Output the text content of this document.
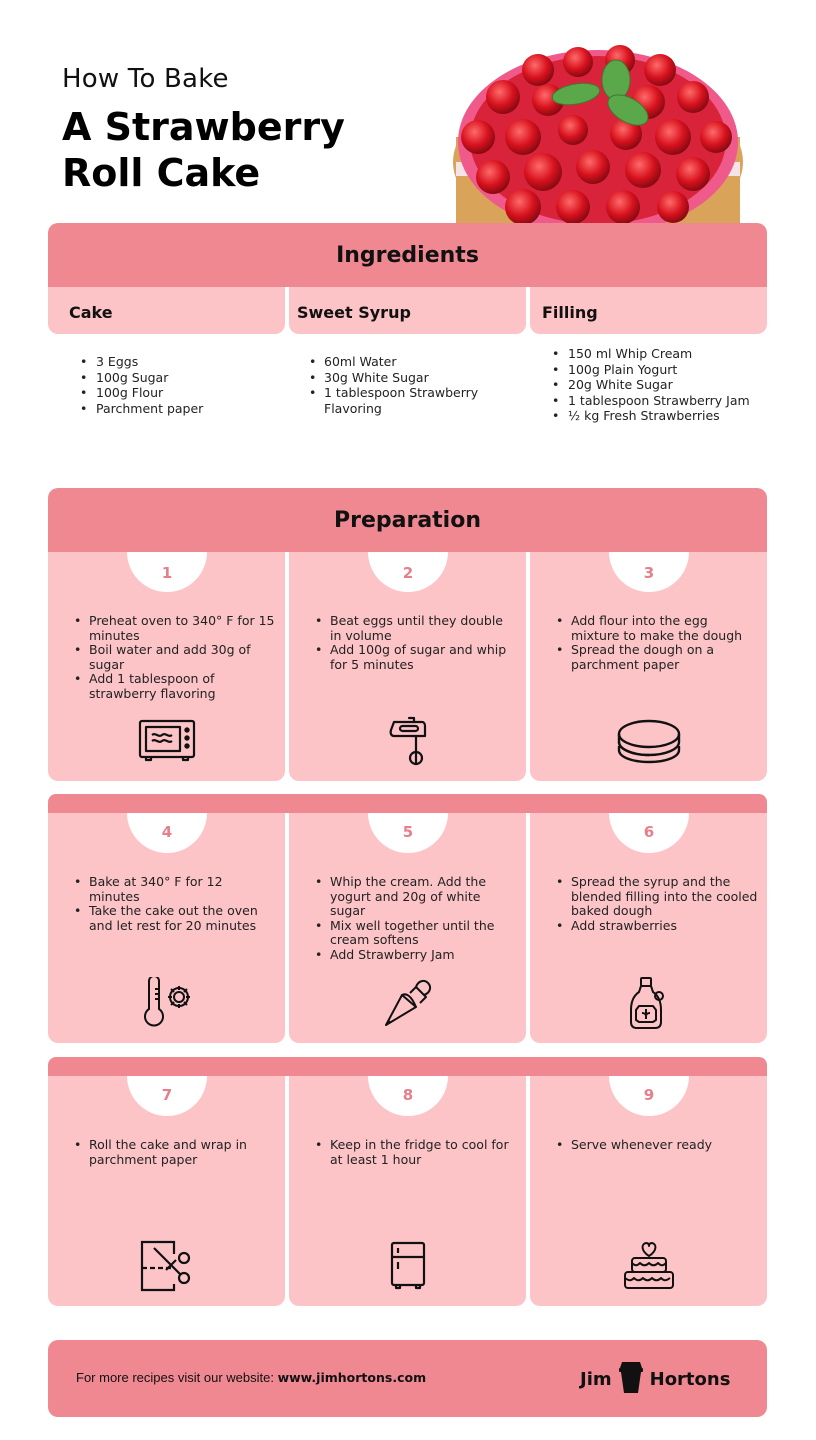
How To Bake
A Strawberry Roll Cake
Ingredients
Cake
• 3 Eggs
• 100g Sugar
• 100g Flour
• Parchment paper
Sweet Syrup
• 60ml Water
• 30g White Sugar
• 1 tablespoon Strawberry Flavoring
Filling
• 150 ml Whip Cream
• 100g Plain Yogurt
• 20g White Sugar
• 1 tablespoon Strawberry Jam
• ½ kg Fresh Strawberries
Preparation
1
• Preheat oven to 340° F for 15 minutes
• Boil water and add 30g of sugar
• Add 1 tablespoon of strawberry flavoring
2
• Beat eggs until they double in volume
• Add 100g of sugar and whip for 5 minutes
3
• Add flour into the egg mixture to make the dough
• Spread the dough on a parchment paper
4
• Bake at 340° F for 12 minutes
• Take the cake out the oven and let rest for 20 minutes
5
• Whip the cream. Add the yogurt and 20g of white sugar
• Mix well together until the cream softens
• Add Strawberry Jam
6
• Spread the syrup and the blended filling into the cooled baked dough
• Add strawberries
7
• Roll the cake and wrap in parchment paper
8
• Keep in the fridge to cool for at least 1 hour
9
• Serve whenever ready
For more recipes visit our website: www.jimhortons.com	Jim Hortons
